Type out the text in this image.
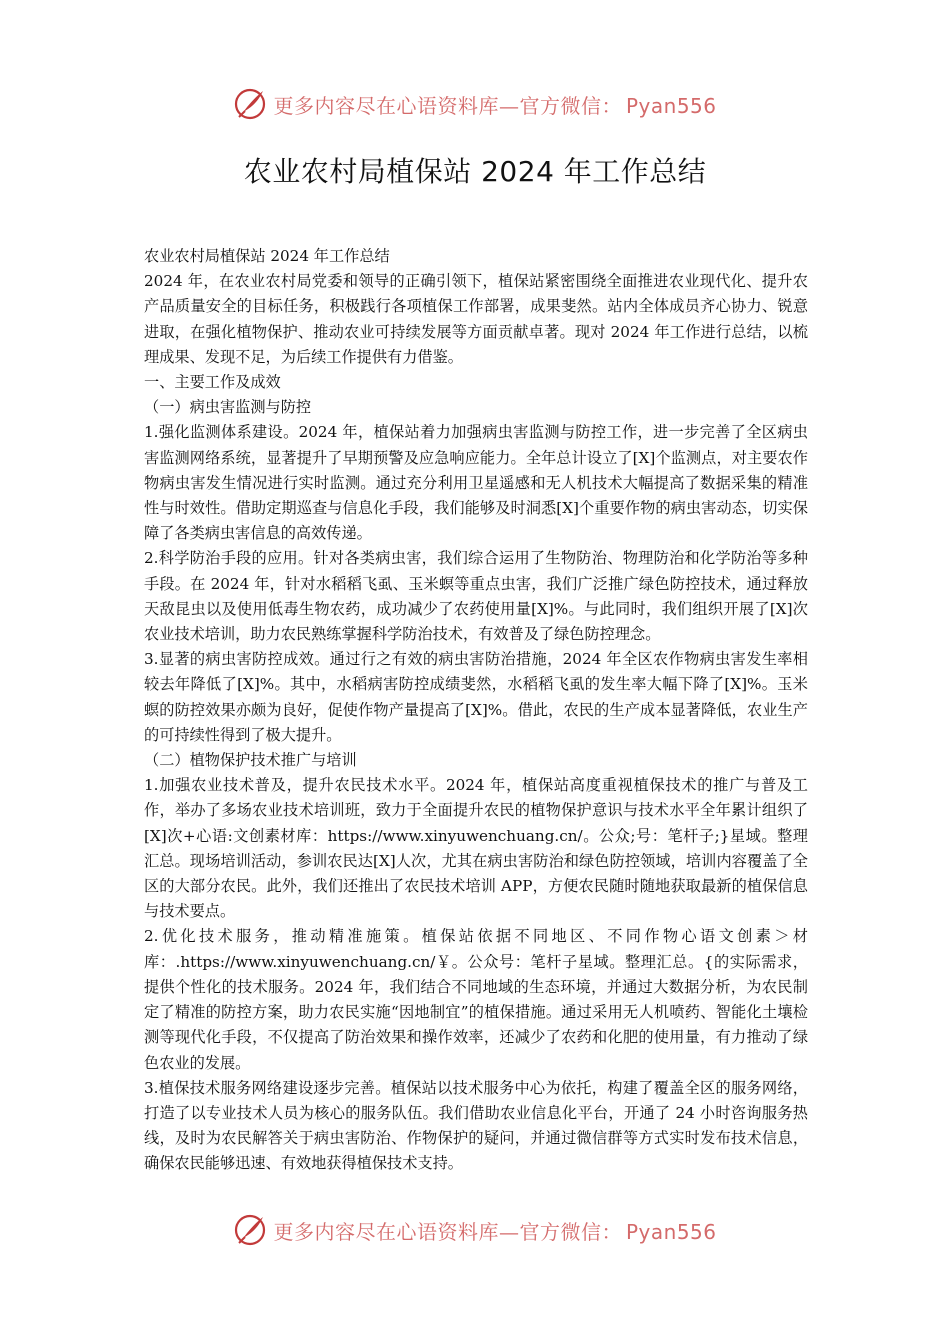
更多内容尽在心语资料库—官方微信： Pyan556
农业农村局植保站 2024 年工作总结

农业农村局植保站 2024 年工作总结

2024 年，在农业农村局党委和领导的正确引领下，植保站紧密围绕全面推进农业现代化、提升农产品质量安全的目标任务，积极践行各项植保工作部署，成果斐然。站内全体成员齐心协力、锐意进取，在强化植物保护、推动农业可持续发展等方面贡献卓著。现对 2024 年工作进行总结，以梳理成果、发现不足，为后续工作提供有力借鉴。

一、主要工作及成效

（一）病虫害监测与防控

1.强化监测体系建设。2024 年，植保站着力加强病虫害监测与防控工作，进一步完善了全区病虫害监测网络系统，显著提升了早期预警及应急响应能力。全年总计设立了[X]个监测点，对主要农作物病虫害发生情况进行实时监测。通过充分利用卫星遥感和无人机技术大幅提高了数据采集的精准性与时效性。借助定期巡查与信息化手段，我们能够及时洞悉[X]个重要作物的病虫害动态，切实保障了各类病虫害信息的高效传递。

2.科学防治手段的应用。针对各类病虫害，我们综合运用了生物防治、物理防治和化学防治等多种手段。在 2024 年，针对水稻稻飞虱、玉米螟等重点虫害，我们广泛推广绿色防控技术，通过释放天敌昆虫以及使用低毒生物农药，成功减少了农药使用量[X]%。与此同时，我们组织开展了[X]次农业技术培训，助力农民熟练掌握科学防治技术，有效普及了绿色防控理念。

3.显著的病虫害防控成效。通过行之有效的病虫害防治措施，2024 年全区农作物病虫害发生率相较去年降低了[X]%。其中，水稻病害防控成绩斐然，水稻稻飞虱的发生率大幅下降了[X]%。玉米螟的防控效果亦颇为良好，促使作物产量提高了[X]%。借此，农民的生产成本显著降低，农业生产的可持续性得到了极大提升。

（二）植物保护技术推广与培训

1.加强农业技术普及，提升农民技术水平。2024 年，植保站高度重视植保技术的推广与普及工作，举办了多场农业技术培训班，致力于全面提升农民的植物保护意识与技术水平全年累计组织了[X]次+心语:文创素材库：https://www.xinyuwenchuang.cn/。公众;号：笔杆子;}星域。整理汇总。现场培训活动，参训农民达[X]人次，尤其在病虫害防治和绿色防控领域，培训内容覆盖了全区的大部分农民。此外，我们还推出了农民技术培训 APP，方便农民随时随地获取最新的植保信息与技术要点。

2.优化技术服务，推动精准施策。植保站依据不同地区、不同作物心语文创素＞材库：.https://www.xinyuwenchuang.cn/￥。公众号：笔杆子星域。整理汇总。{的实际需求，提供个性化的技术服务。2024 年，我们结合不同地域的生态环境，并通过大数据分析，为农民制定了精准的防控方案，助力农民实施“因地制宜”的植保措施。通过采用无人机喷药、智能化土壤检测等现代化手段，不仅提高了防治效果和操作效率，还减少了农药和化肥的使用量，有力推动了绿色农业的发展。

3.植保技术服务网络建设逐步完善。植保站以技术服务中心为依托，构建了覆盖全区的服务网络，打造了以专业技术人员为核心的服务队伍。我们借助农业信息化平台，开通了 24 小时咨询服务热线，及时为农民解答关于病虫害防治、作物保护的疑问，并通过微信群等方式实时发布技术信息，确保农民能够迅速、有效地获得植保技术支持。

更多内容尽在心语资料库—官方微信： Pyan556
